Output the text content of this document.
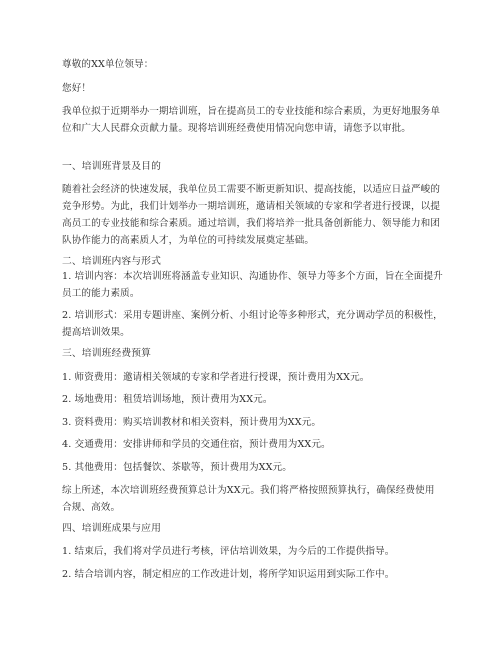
尊敬的XX单位领导：

您好！

我单位拟于近期举办一期培训班，旨在提高员工的专业技能和综合素质，为更好地服务单位和广大人民群众贡献力量。现将培训班经费使用情况向您申请，请您予以审批。

一、培训班背景及目的

随着社会经济的快速发展，我单位员工需要不断更新知识、提高技能，以适应日益严峻的竞争形势。为此，我们计划举办一期培训班，邀请相关领域的专家和学者进行授课，以提高员工的专业技能和综合素质。通过培训，我们将培养一批具备创新能力、领导能力和团队协作能力的高素质人才，为单位的可持续发展奠定基础。

二、培训班内容与形式

1. 培训内容：本次培训班将涵盖专业知识、沟通协作、领导力等多个方面，旨在全面提升员工的能力素质。

2. 培训形式：采用专题讲座、案例分析、小组讨论等多种形式，充分调动学员的积极性，提高培训效果。

三、培训班经费预算

1. 师资费用：邀请相关领域的专家和学者进行授课，预计费用为XX元。

2. 场地费用：租赁培训场地，预计费用为XX元。

3. 资料费用：购买培训教材和相关资料，预计费用为XX元。

4. 交通费用：安排讲师和学员的交通住宿，预计费用为XX元。

5. 其他费用：包括餐饮、茶歇等，预计费用为XX元。

综上所述，本次培训班经费预算总计为XX元。我们将严格按照预算执行，确保经费使用合规、高效。

四、培训班成果与应用

1. 结束后，我们将对学员进行考核，评估培训效果，为今后的工作提供指导。

2. 结合培训内容，制定相应的工作改进计划，将所学知识运用到实际工作中。
